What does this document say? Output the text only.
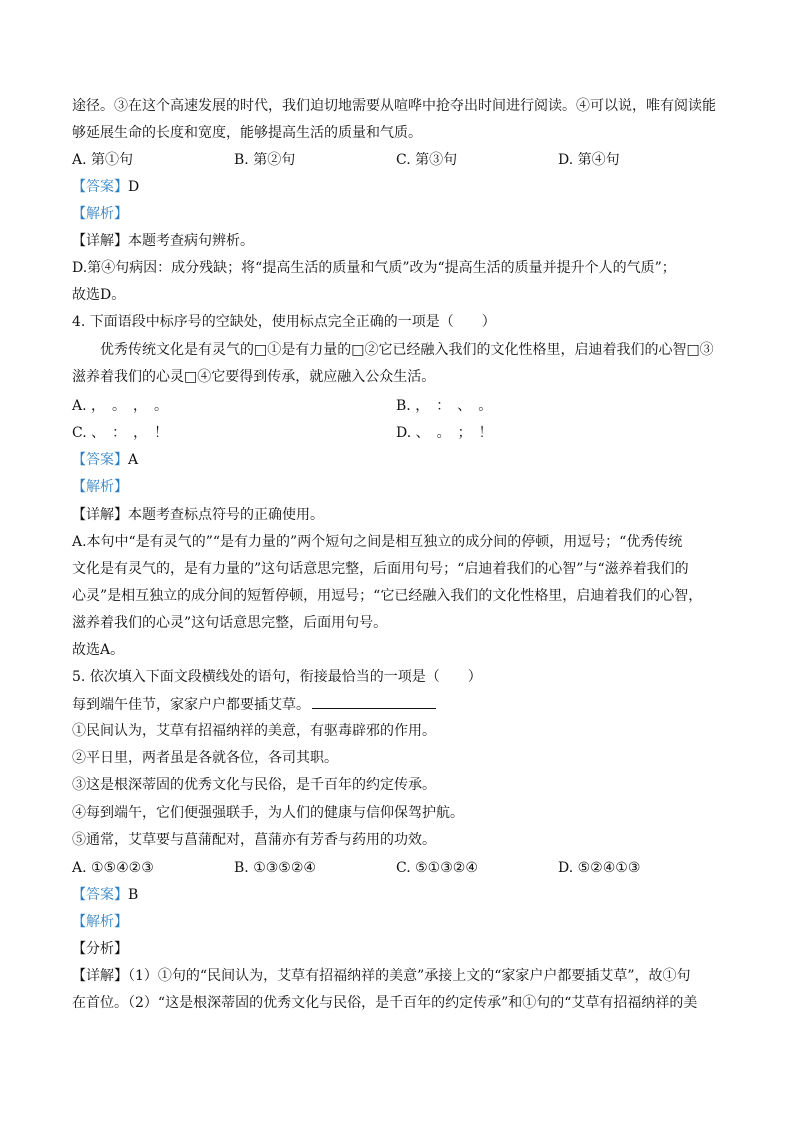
途径。③在这个高速发展的时代，我们迫切地需要从喧哗中抢夺出时间进行阅读。④可以说，唯有阅读能
够延展生命的长度和宽度，能够提高生活的质量和气质。
A. 第①句	B. 第②句	C. 第③句	D. 第④句
【答案】D
【解析】
【详解】本题考查病句辨析。
D.第④句病因：成分残缺；将“提高生活的质量和气质”改为“提高生活的质量并提升个人的气质”；
故选D。
4. 下面语段中标序号的空缺处，使用标点完全正确的一项是（　　）
优秀传统文化是有灵气的□①是有力量的□②它已经融入我们的文化性格里，启迪着我们的心智□③
滋养着我们的心灵□④它要得到传承，就应融入公众生活。
A. ，　。　，　。	B. ，　：　、　。
C. 、　：　，　！	D. 、　。　；　！
【答案】A
【解析】
【详解】本题考查标点符号的正确使用。
A.本句中“是有灵气的”“是有力量的”两个短句之间是相互独立的成分间的停顿，用逗号；“优秀传统
文化是有灵气的，是有力量的”这句话意思完整，后面用句号；“启迪着我们的心智”与“滋养着我们的
心灵”是相互独立的成分间的短暂停顿，用逗号；“它已经融入我们的文化性格里，启迪着我们的心智，
滋养着我们的心灵”这句话意思完整，后面用句号。
故选A。
5. 依次填入下面文段横线处的语句，衔接最恰当的一项是（　　）
每到端午佳节，家家户户都要插艾草。
①民间认为，艾草有招福纳祥的美意，有驱毒辟邪的作用。
②平日里，两者虽是各就各位，各司其职。
③这是根深蒂固的优秀文化与民俗，是千百年的约定传承。
④每到端午，它们便强强联手，为人们的健康与信仰保驾护航。
⑤通常，艾草要与菖蒲配对，菖蒲亦有芳香与药用的功效。
A. ①⑤④②③	B. ①③⑤②④	C. ⑤①③②④	D. ⑤②④①③
【答案】B
【解析】
【分析】
【详解】（1）①句的“民间认为，艾草有招福纳祥的美意”承接上文的“家家户户都要插艾草”，故①句
在首位。（2）“这是根深蒂固的优秀文化与民俗，是千百年的约定传承”和①句的“艾草有招福纳祥的美
